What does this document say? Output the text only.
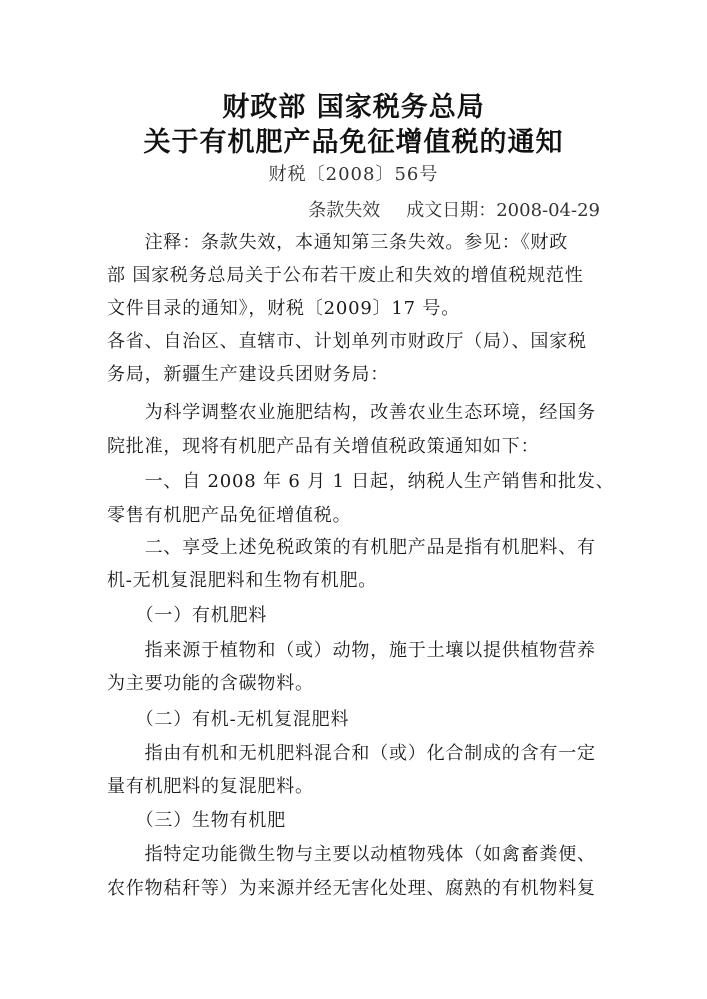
财政部 国家税务总局
关于有机肥产品免征增值税的通知
财税〔2008〕56号
条款失效 成文日期：2008-04-29
　　注释：条款失效，本通知第三条失效。参见：《财政
部 国家税务总局关于公布若干废止和失效的增值税规范性
文件目录的通知》，财税〔2009〕17 号。
各省、自治区、直辖市、计划单列市财政厅（局）、国家税
务局，新疆生产建设兵团财务局：
　　为科学调整农业施肥结构，改善农业生态环境，经国务
院批准，现将有机肥产品有关增值税政策通知如下：
　　一、自 2008 年 6 月 1 日起，纳税人生产销售和批发、
零售有机肥产品免征增值税。
　　二、享受上述免税政策的有机肥产品是指有机肥料、有
机-无机复混肥料和生物有机肥。
　　（一）有机肥料
　　指来源于植物和（或）动物，施于土壤以提供植物营养
为主要功能的含碳物料。
　　（二）有机-无机复混肥料
　　指由有机和无机肥料混合和（或）化合制成的含有一定
量有机肥料的复混肥料。
　　（三）生物有机肥
　　指特定功能微生物与主要以动植物残体（如禽畜粪便、
农作物秸秆等）为来源并经无害化处理、腐熟的有机物料复
